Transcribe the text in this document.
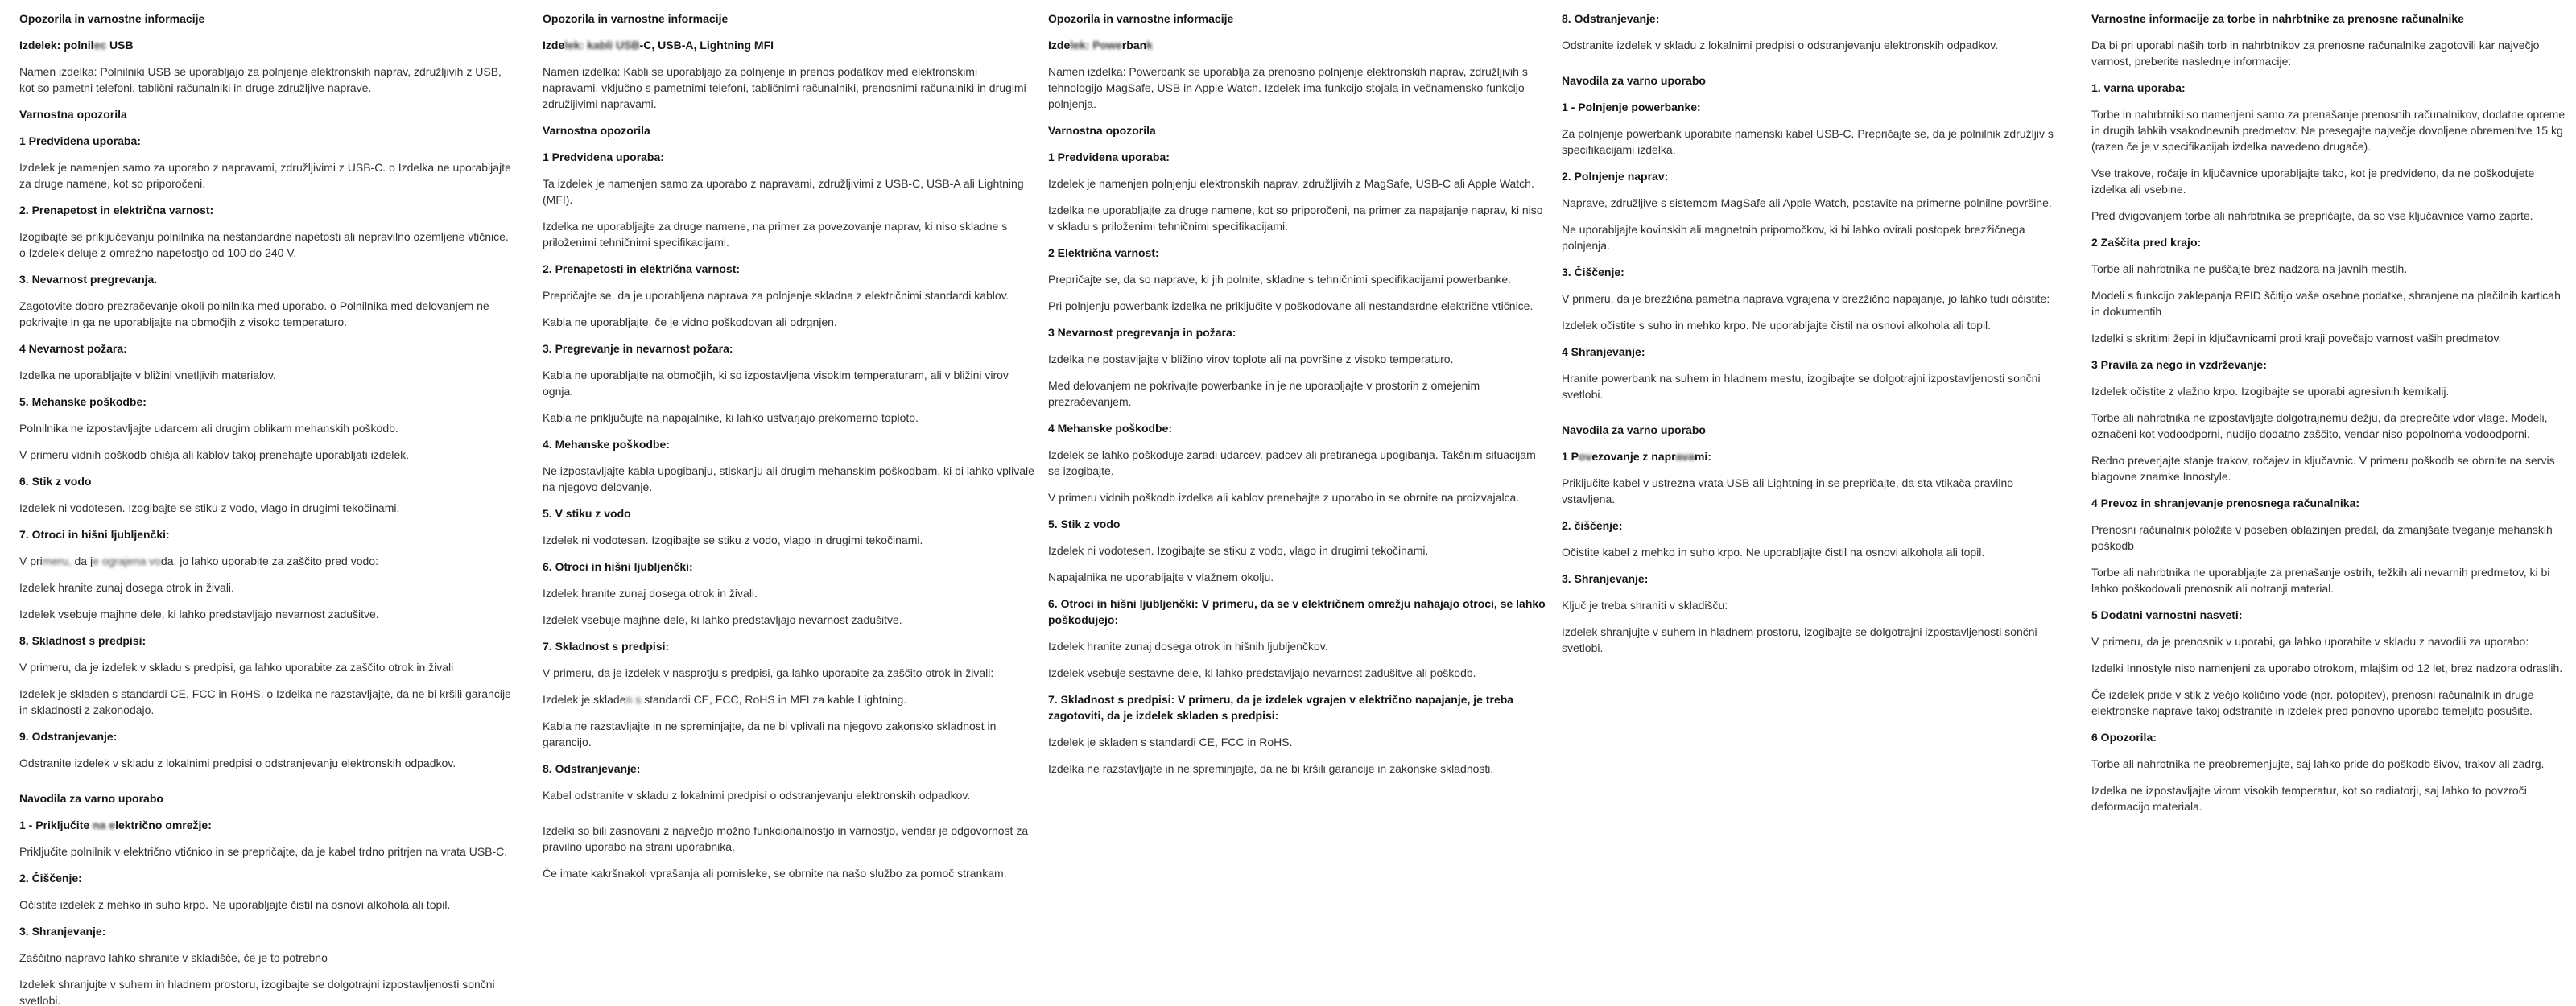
Opozorila in varnostne informacije
Izdelek: polnilec USB
Namen izdelka: Polnilniki USB se uporabljajo za polnjenje elektronskih naprav, združljivih z USB, kot so pametni telefoni, tablični računalniki in druge združljive naprave.
Varnostna opozorila
1 Predvidena uporaba:
Izdelek je namenjen samo za uporabo z napravami, združljivimi z USB-C. o Izdelka ne uporabljajte za druge namene, kot so priporočeni.
2. Prenapetost in električna varnost:
Izogibajte se priključevanju polnilnika na nestandardne napetosti ali nepravilno ozemljene vtičnice. o Izdelek deluje z omrežno napetostjo od 100 do 240 V.
3. Nevarnost pregrevanja.
Zagotovite dobro prezračevanje okoli polnilnika med uporabo. o Polnilnika med delovanjem ne pokrivajte in ga ne uporabljajte na območjih z visoko temperaturo.
4 Nevarnost požara:
Izdelka ne uporabljajte v bližini vnetljivih materialov.
5. Mehanske poškodbe:
Polnilnika ne izpostavljajte udarcem ali drugim oblikam mehanskih poškodb.
V primeru vidnih poškodb ohišja ali kablov takoj prenehajte uporabljati izdelek.
6. Stik z vodo
Izdelek ni vodotesen. Izogibajte se stiku z vodo, vlago in drugimi tekočinami.
7. Otroci in hišni ljubljenčki:
V primeru, da je ograjena voda, jo lahko uporabite za zaščito pred vodo:
Izdelek hranite zunaj dosega otrok in živali.
Izdelek vsebuje majhne dele, ki lahko predstavljajo nevarnost zadušitve.
8. Skladnost s predpisi:
V primeru, da je izdelek v skladu s predpisi, ga lahko uporabite za zaščito otrok in živali
Izdelek je skladen s standardi CE, FCC in RoHS. o Izdelka ne razstavljajte, da ne bi kršili garancije in skladnosti z zakonodajo.
9. Odstranjevanje:
Odstranite izdelek v skladu z lokalnimi predpisi o odstranjevanju elektronskih odpadkov.
Navodila za varno uporabo
1 - Priključite na električno omrežje:
Priključite polnilnik v električno vtičnico in se prepričajte, da je kabel trdno pritrjen na vrata USB-C.
2. Čiščenje:
Očistite izdelek z mehko in suho krpo. Ne uporabljajte čistil na osnovi alkohola ali topil.
3. Shranjevanje:
Zaščitno napravo lahko shranite v skladišče, če je to potrebno
Izdelek shranjujte v suhem in hladnem prostoru, izogibajte se dolgotrajni izpostavljenosti sončni svetlobi.
Opozorila in varnostne informacije
Izdelek: kabli USB-C, USB-A, Lightning MFI
Namen izdelka: Kabli se uporabljajo za polnjenje in prenos podatkov med elektronskimi napravami, vključno s pametnimi telefoni, tabličnimi računalniki, prenosnimi računalniki in drugimi združljivimi napravami.
Varnostna opozorila
1 Predvidena uporaba:
Ta izdelek je namenjen samo za uporabo z napravami, združljivimi z USB-C, USB-A ali Lightning (MFI).
Izdelka ne uporabljajte za druge namene, na primer za povezovanje naprav, ki niso skladne s priloženimi tehničnimi specifikacijami.
2. Prenapetosti in električna varnost:
Prepričajte se, da je uporabljena naprava za polnjenje skladna z električnimi standardi kablov.
Kabla ne uporabljajte, če je vidno poškodovan ali odrgnjen.
3. Pregrevanje in nevarnost požara:
Kabla ne uporabljajte na območjih, ki so izpostavljena visokim temperaturam, ali v bližini virov ognja.
Kabla ne priključujte na napajalnike, ki lahko ustvarjajo prekomerno toploto.
4. Mehanske poškodbe:
Ne izpostavljajte kabla upogibanju, stiskanju ali drugim mehanskim poškodbam, ki bi lahko vplivale na njegovo delovanje.
5. V stiku z vodo
Izdelek ni vodotesen. Izogibajte se stiku z vodo, vlago in drugimi tekočinami.
6. Otroci in hišni ljubljenčki:
Izdelek hranite zunaj dosega otrok in živali.
Izdelek vsebuje majhne dele, ki lahko predstavljajo nevarnost zadušitve.
7. Skladnost s predpisi:
V primeru, da je izdelek v nasprotju s predpisi, ga lahko uporabite za zaščito otrok in živali:
Izdelek je skladen s standardi CE, FCC, RoHS in MFI za kable Lightning.
Kabla ne razstavljajte in ne spreminjajte, da ne bi vplivali na njegovo zakonsko skladnost in garancijo.
8. Odstranjevanje:
Kabel odstranite v skladu z lokalnimi predpisi o odstranjevanju elektronskih odpadkov.
Izdelki so bili zasnovani z največjo možno funkcionalnostjo in varnostjo, vendar je odgovornost za pravilno uporabo na strani uporabnika.
Če imate kakršnakoli vprašanja ali pomisleke, se obrnite na našo službo za pomoč strankam.
Opozorila in varnostne informacije
Izdelek: Powerbank
Namen izdelka: Powerbank se uporablja za prenosno polnjenje elektronskih naprav, združljivih s tehnologijo MagSafe, USB in Apple Watch. Izdelek ima funkcijo stojala in večnamensko funkcijo polnjenja.
Varnostna opozorila
1 Predvidena uporaba:
Izdelek je namenjen polnjenju elektronskih naprav, združljivih z MagSafe, USB-C ali Apple Watch.
Izdelka ne uporabljajte za druge namene, kot so priporočeni, na primer za napajanje naprav, ki niso v skladu s priloženimi tehničnimi specifikacijami.
2 Električna varnost:
Prepričajte se, da so naprave, ki jih polnite, skladne s tehničnimi specifikacijami powerbanke.
Pri polnjenju powerbank izdelka ne priključite v poškodovane ali nestandardne električne vtičnice.
3 Nevarnost pregrevanja in požara:
Izdelka ne postavljajte v bližino virov toplote ali na površine z visoko temperaturo.
Med delovanjem ne pokrivajte powerbanke in je ne uporabljajte v prostorih z omejenim prezračevanjem.
4 Mehanske poškodbe:
Izdelek se lahko poškoduje zaradi udarcev, padcev ali pretiranega upogibanja. Takšnim situacijam se izogibajte.
V primeru vidnih poškodb izdelka ali kablov prenehajte z uporabo in se obrnite na proizvajalca.
5. Stik z vodo
Izdelek ni vodotesen. Izogibajte se stiku z vodo, vlago in drugimi tekočinami.
Napajalnika ne uporabljajte v vlažnem okolju.
6. Otroci in hišni ljubljenčki: V primeru, da se v električnem omrežju nahajajo otroci, se lahko poškodujejo:
Izdelek hranite zunaj dosega otrok in hišnih ljubljenčkov.
Izdelek vsebuje sestavne dele, ki lahko predstavljajo nevarnost zadušitve ali poškodb.
7. Skladnost s predpisi: V primeru, da je izdelek vgrajen v električno napajanje, je treba zagotoviti, da je izdelek skladen s predpisi:
Izdelek je skladen s standardi CE, FCC in RoHS.
Izdelka ne razstavljajte in ne spreminjajte, da ne bi kršili garancije in zakonske skladnosti.
8. Odstranjevanje:
Odstranite izdelek v skladu z lokalnimi predpisi o odstranjevanju elektronskih odpadkov.
Navodila za varno uporabo
1 - Polnjenje powerbanke:
Za polnjenje powerbank uporabite namenski kabel USB-C. Prepričajte se, da je polnilnik združljiv s specifikacijami izdelka.
2. Polnjenje naprav:
Naprave, združljive s sistemom MagSafe ali Apple Watch, postavite na primerne polnilne površine.
Ne uporabljajte kovinskih ali magnetnih pripomočkov, ki bi lahko ovirali postopek brezžičnega polnjenja.
3. Čiščenje:
V primeru, da je brezžična pametna naprava vgrajena v brezžično napajanje, jo lahko tudi očistite:
Izdelek očistite s suho in mehko krpo. Ne uporabljajte čistil na osnovi alkohola ali topil.
4 Shranjevanje:
Hranite powerbank na suhem in hladnem mestu, izogibajte se dolgotrajni izpostavljenosti sončni svetlobi.
Navodila za varno uporabo
1 Povezovanje z napravami:
Priključite kabel v ustrezna vrata USB ali Lightning in se prepričajte, da sta vtikača pravilno vstavljena.
2. čiščenje:
Očistite kabel z mehko in suho krpo. Ne uporabljajte čistil na osnovi alkohola ali topil.
3. Shranjevanje:
Ključ je treba shraniti v skladišču:
Izdelek shranjujte v suhem in hladnem prostoru, izogibajte se dolgotrajni izpostavljenosti sončni svetlobi.
Varnostne informacije za torbe in nahrbtnike za prenosne računalnike
Da bi pri uporabi naših torb in nahrbtnikov za prenosne računalnike zagotovili kar največjo varnost, preberite naslednje informacije:
1. varna uporaba:
Torbe in nahrbtniki so namenjeni samo za prenašanje prenosnih računalnikov, dodatne opreme in drugih lahkih vsakodnevnih predmetov. Ne presegajte največje dovoljene obremenitve 15 kg (razen če je v specifikacijah izdelka navedeno drugače).
Vse trakove, ročaje in ključavnice uporabljajte tako, kot je predvideno, da ne poškodujete izdelka ali vsebine.
Pred dvigovanjem torbe ali nahrbtnika se prepričajte, da so vse ključavnice varno zaprte.
2 Zaščita pred krajo:
Torbe ali nahrbtnika ne puščajte brez nadzora na javnih mestih.
Modeli s funkcijo zaklepanja RFID ščitijo vaše osebne podatke, shranjene na plačilnih karticah in dokumentih
Izdelki s skritimi žepi in ključavnicami proti kraji povečajo varnost vaših predmetov.
3 Pravila za nego in vzdrževanje:
Izdelek očistite z vlažno krpo. Izogibajte se uporabi agresivnih kemikalij.
Torbe ali nahrbtnika ne izpostavljajte dolgotrajnemu dežju, da preprečite vdor vlage. Modeli, označeni kot vodoodporni, nudijo dodatno zaščito, vendar niso popolnoma vodoodporni.
Redno preverjajte stanje trakov, ročajev in ključavnic. V primeru poškodb se obrnite na servis blagovne znamke Innostyle.
4 Prevoz in shranjevanje prenosnega računalnika:
Prenosni računalnik položite v poseben oblazinjen predal, da zmanjšate tveganje mehanskih poškodb
Torbe ali nahrbtnika ne uporabljajte za prenašanje ostrih, težkih ali nevarnih predmetov, ki bi lahko poškodovali prenosnik ali notranji material.
5 Dodatni varnostni nasveti:
V primeru, da je prenosnik v uporabi, ga lahko uporabite v skladu z navodili za uporabo:
Izdelki Innostyle niso namenjeni za uporabo otrokom, mlajšim od 12 let, brez nadzora odraslih.
Če izdelek pride v stik z večjo količino vode (npr. potopitev), prenosni računalnik in druge elektronske naprave takoj odstranite in izdelek pred ponovno uporabo temeljito posušite.
6 Opozorila:
Torbe ali nahrbtnika ne preobremenjujte, saj lahko pride do poškodb šivov, trakov ali zadrg.
Izdelka ne izpostavljajte virom visokih temperatur, kot so radiatorji, saj lahko to povzroči deformacijo materiala.
